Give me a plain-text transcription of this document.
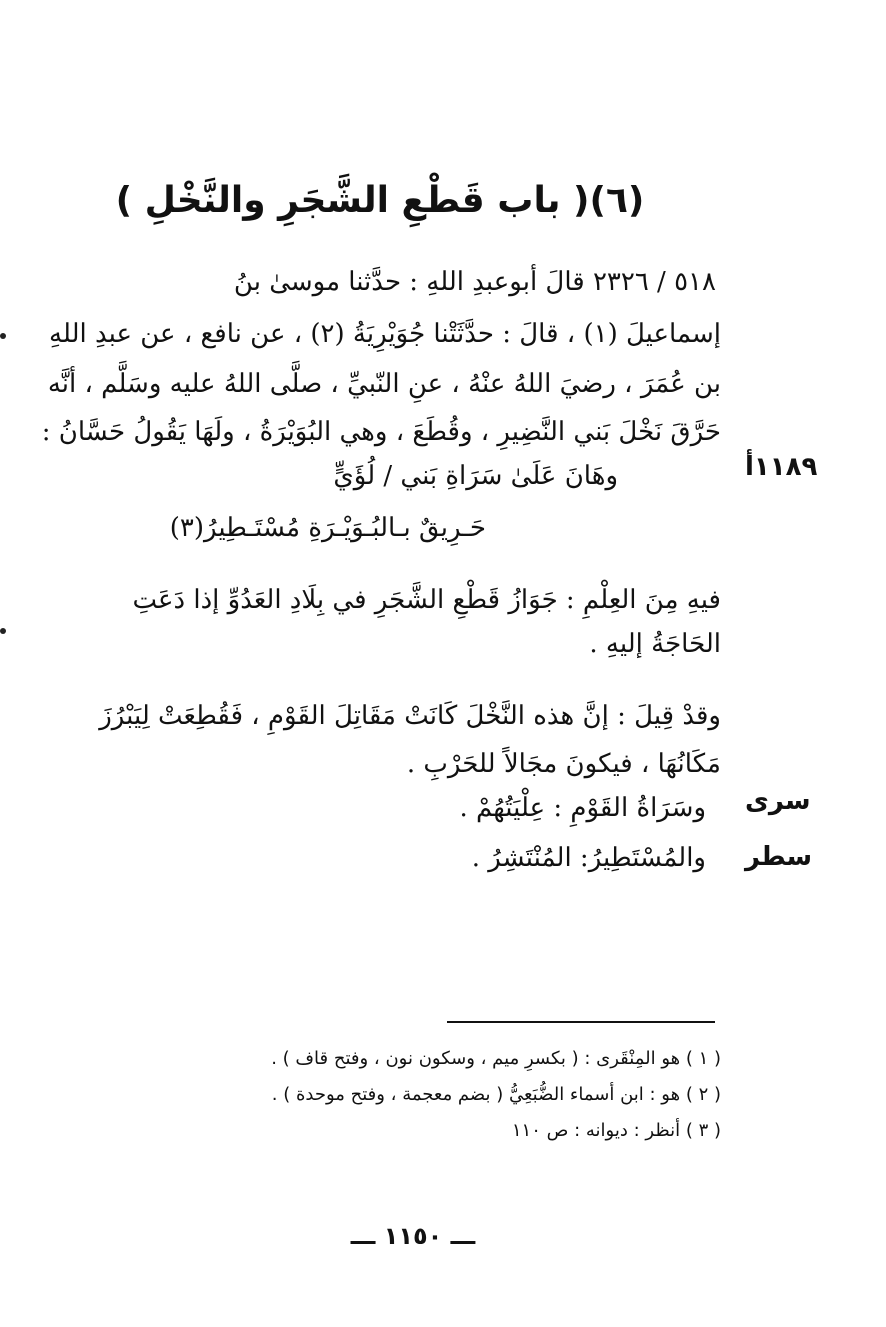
(٦)( باب قَطْعِ الشَّجَرِ والنَّخْلِ )
٥١٨ / ٢٣٢٦ قالَ أبوعبدِ اللهِ : حدَّثنا موسىٰ بنُ
إسماعيلَ (١) ، قالَ : حدَّثَتْنا جُوَيْرِيَةُ (٢) ، عن نافع ، عن عبدِ اللهِ
بن عُمَرَ ، رضيَ اللهُ عنْهُ ، عنِ النّبيِّ ، صلَّى اللهُ عليه وسَلَّم ، أنَّه
حَرَّقَ نَخْلَ بَني النَّضِيرِ ، وقُطَعَ ، وهي البُوَيْرَةُ ، ولَهَا يَقُولُ حَسَّانُ :
وهَانَ عَلَىٰ سَرَاةِ بَني / لُؤَيٍّ
حَـرِيقٌ بـالبُـوَيْـرَةِ مُسْتَـطِيرُ(٣)
١١٨٩أ
فيهِ مِنَ العِلْمِ : جَوَازُ قَطْعِ الشَّجَرِ في بِلَادِ العَدُوِّ إذا دَعَتِ
الحَاجَةُ إليهِ .
وقدْ قِيلَ : إنَّ هذه النَّخْلَ كَانَتْ مَقَاتِلَ القَوْمِ ، فَقُطِعَتْ لِيَبْرُزَ
مَكَانُهَا ، فيكونَ مجَالاً للحَرْبِ .
سرى
وسَرَاةُ القَوْمِ : عِلْيَتُهُمْ .
سطر
والمُسْتَطِيرُ: المُنْتَشِرُ .
( ١ ) هو المِنْقَرى : ( بكسرِ ميم ، وسكون نون ، وفتح قاف ) .
( ٢ ) هو : ابن أسماء الضُّبَعِيُّ ( بضم معجمة ، وفتح موحدة ) .
( ٣ ) أنظر : ديوانه : ص ١١٠
ـــ ١١٥٠ ـــ
